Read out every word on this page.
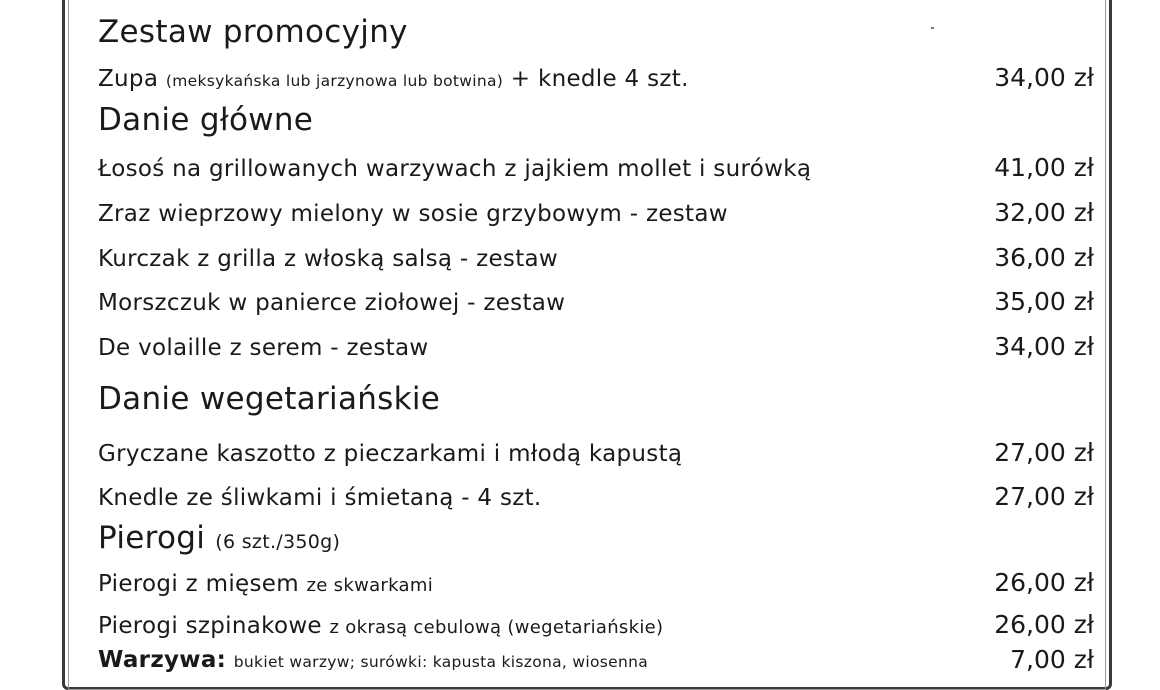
Zestaw promocyjny
Zupa (meksykańska lub jarzynowa lub botwina) + knedle 4 szt.	34,00 zł
Danie główne
Łosoś na grillowanych warzywach z jajkiem mollet i surówką	41,00 zł
Zraz wieprzowy mielony w sosie grzybowym - zestaw	32,00 zł
Kurczak z grilla z włoską salsą - zestaw	36,00 zł
Morszczuk w panierce ziołowej - zestaw	35,00 zł
De volaille z serem - zestaw	34,00 zł
Danie wegetariańskie
Gryczane kaszotto z pieczarkami i młodą kapustą	27,00 zł
Knedle ze śliwkami i śmietaną - 4 szt.	27,00 zł
Pierogi (6 szt./350g)
Pierogi z mięsem ze skwarkami	26,00 zł
Pierogi szpinakowe z okrasą cebulową (wegetariańskie)	26,00 zł
Warzywa: bukiet warzyw; surówki: kapusta kiszona, wiosenna	7,00 zł
